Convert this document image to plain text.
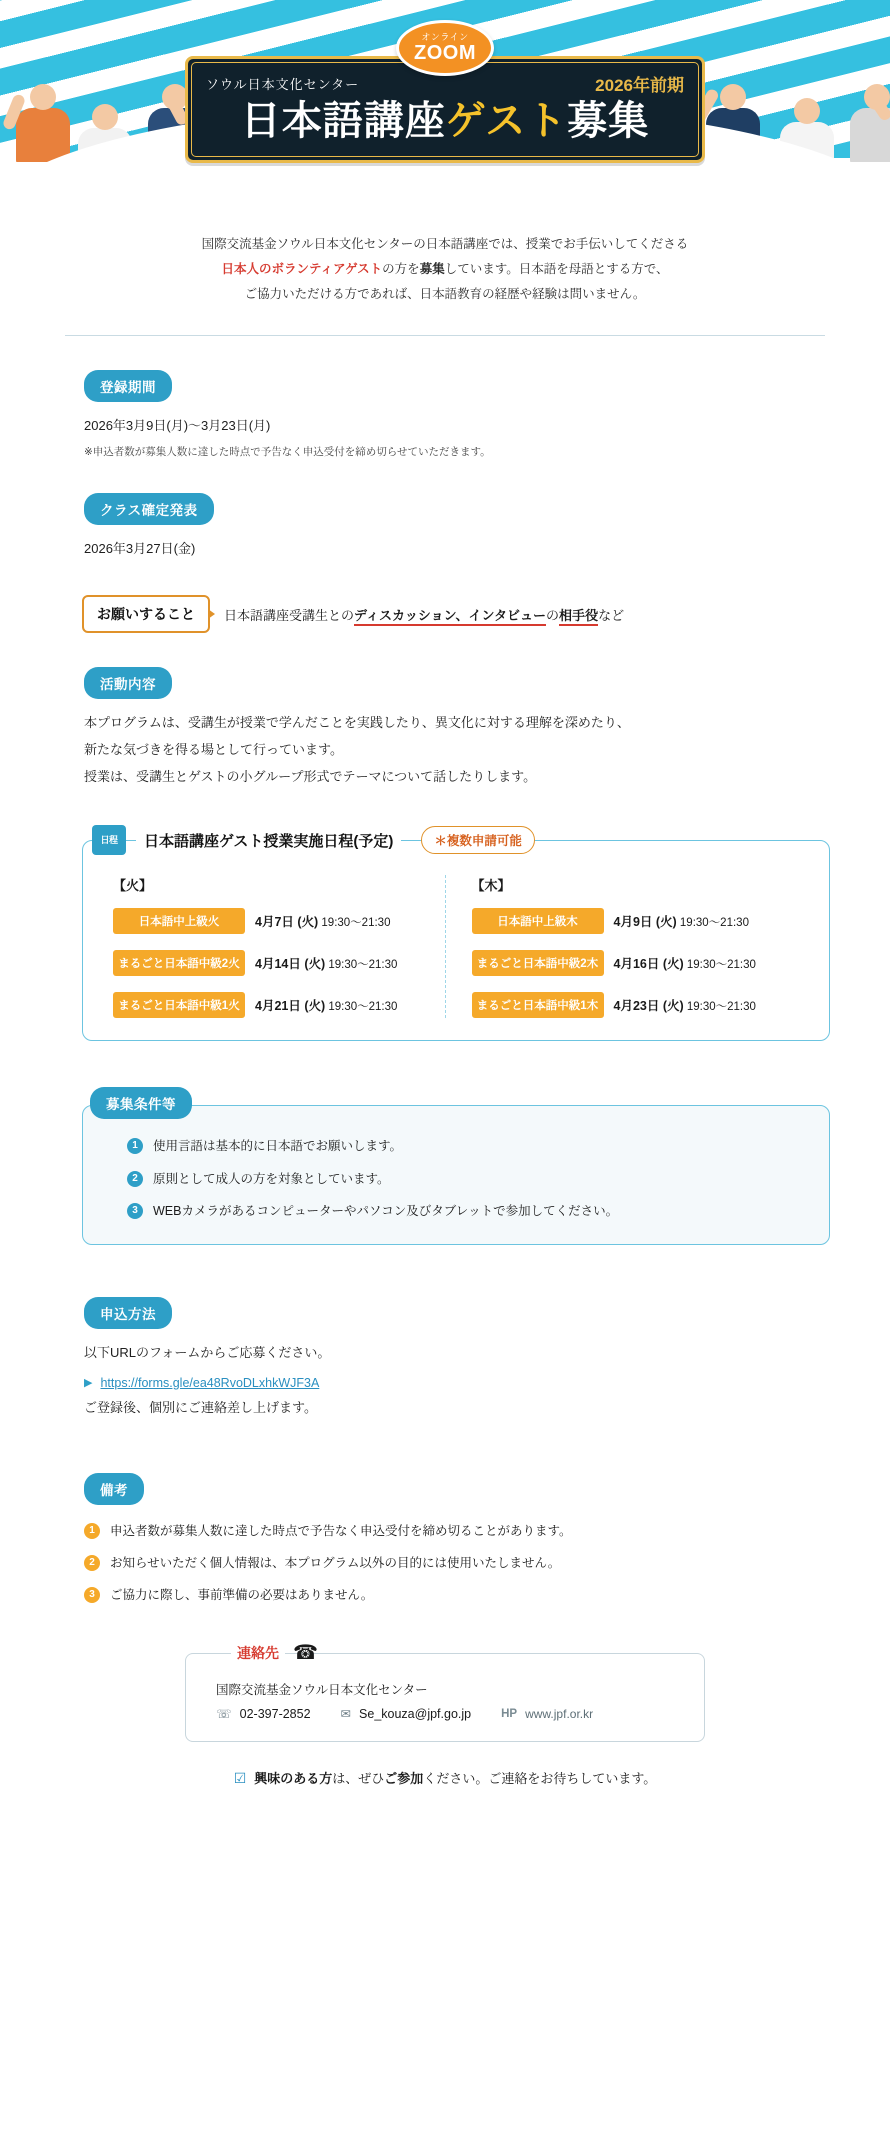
オンライン
ZOOM
ソウル日本文化センター	2026年前期
日本語講座ゲスト募集
国際交流基金ソウル日本文化センターの日本語講座では、授業でお手伝いしてくださる
日本人のボランティアゲストの方を募集しています。日本語を母語とする方で、
ご協力いただける方であれば、日本語教育の経歴や経験は問いません。
登録期間
2026年3月9日(月)〜3月23日(月)
※申込者数が募集人数に達した時点で予告なく申込受付を締め切らせていただきます。
クラス確定発表
2026年3月27日(金)
お願いすること	日本語講座受講生とのディスカッション、インタビューの相手役など
活動内容
本プログラムは、受講生が授業で学んだことを実践したり、異文化に対する理解を深めたり、
新たな気づきを得る場として行っています。
授業は、受講生とゲストの小グループ形式でテーマについて話したりします。
日程	日本語講座ゲスト授業実施日程(予定)	＊複数申請可能
【火】
日本語中上級火	4月7日 (火) 19:30〜21:30
まるごと日本語中級2火	4月14日 (火) 19:30〜21:30
まるごと日本語中級1火	4月21日 (火) 19:30〜21:30
【木】
日本語中上級木	4月9日 (火) 19:30〜21:30
まるごと日本語中級2木	4月16日 (火) 19:30〜21:30
まるごと日本語中級1木	4月23日 (火) 19:30〜21:30
募集条件等
1	使用言語は基本的に日本語でお願いします。
2	原則として成人の方を対象としています。
3	WEBカメラがあるコンピューターやパソコン及びタブレットで参加してください。
申込方法
以下URLのフォームからご応募ください。
▶ https://forms.gle/ea48RvoDLxhkWJF3A
ご登録後、個別にご連絡差し上げます。
備考
1	申込者数が募集人数に達した時点で予告なく申込受付を締め切ることがあります。
2	お知らせいただく個人情報は、本プログラム以外の目的には使用いたしません。
3	ご協力に際し、事前準備の必要はありません。
連絡先 ☎
国際交流基金ソウル日本文化センター
☏ 02-397-2852 ✉ Se_kouza@jpf.go.jp	HP www.jpf.or.kr
☑ 興味のある方は、ぜひご参加ください。ご連絡をお待ちしています。
